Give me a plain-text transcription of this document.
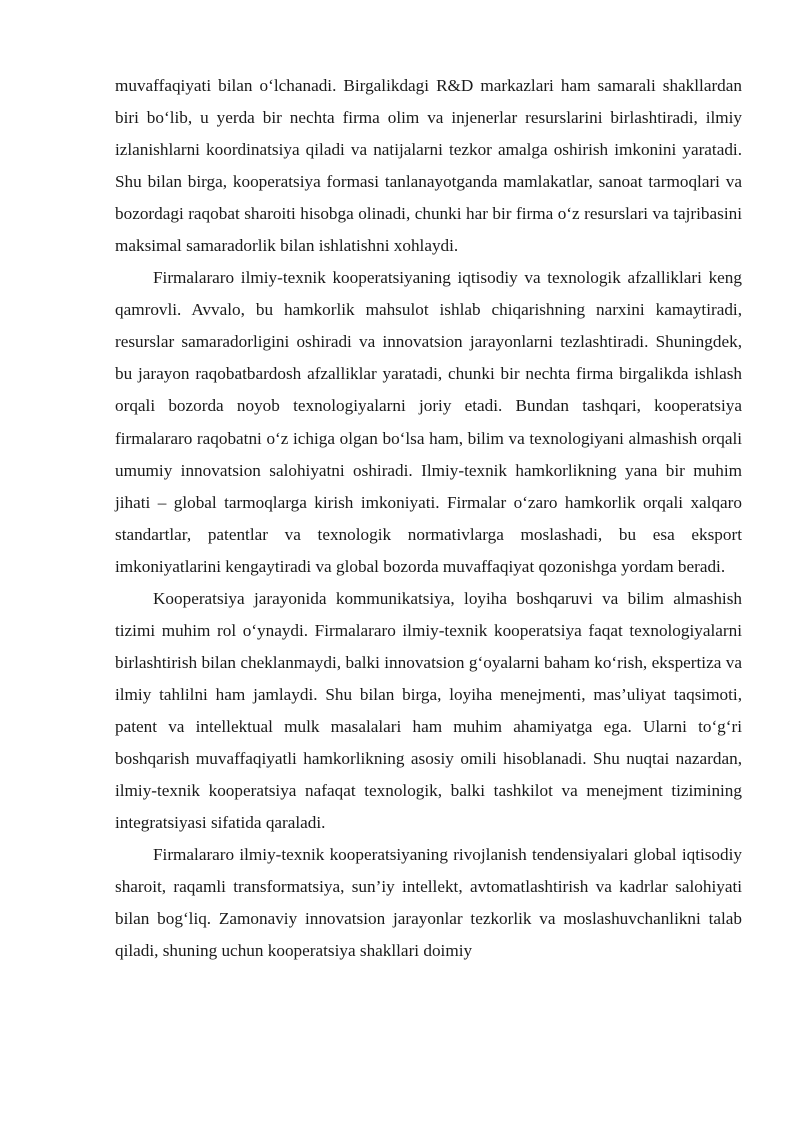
muvaffaqiyati bilan o‘lchanadi. Birgalikdagi R&D markazlari ham samarali shakllardan biri bo‘lib, u yerda bir nechta firma olim va injenerlar resurslarini birlashtiradi, ilmiy izlanishlarni koordinatsiya qiladi va natijalarni tezkor amalga oshirish imkonini yaratadi. Shu bilan birga, kooperatsiya formasi tanlanayotganda mamlakatlar, sanoat tarmoqlari va bozordagi raqobat sharoiti hisobga olinadi, chunki har bir firma o‘z resurslari va tajribasini maksimal samaradorlik bilan ishlatishni xohlaydi.

Firmalararo ilmiy-texnik kooperatsiyaning iqtisodiy va texnologik afzalliklari keng qamrovli. Avvalo, bu hamkorlik mahsulot ishlab chiqarishning narxini kamaytiradi, resurslar samaradorligini oshiradi va innovatsion jarayonlarni tezlashtiradi. Shuningdek, bu jarayon raqobatbardosh afzalliklar yaratadi, chunki bir nechta firma birgalikda ishlash orqali bozorda noyob texnologiyalarni joriy etadi. Bundan tashqari, kooperatsiya firmalararo raqobatni o‘z ichiga olgan bo‘lsa ham, bilim va texnologiyani almashish orqali umumiy innovatsion salohiyatni oshiradi. Ilmiy-texnik hamkorlikning yana bir muhim jihati – global tarmoqlarga kirish imkoniyati. Firmalar o‘zaro hamkorlik orqali xalqaro standartlar, patentlar va texnologik normativlarga moslashadi, bu esa eksport imkoniyatlarini kengaytiradi va global bozorda muvaffaqiyat qozonishga yordam beradi.

Kooperatsiya jarayonida kommunikatsiya, loyiha boshqaruvi va bilim almashish tizimi muhim rol o‘ynaydi. Firmalararo ilmiy-texnik kooperatsiya faqat texnologiyalarni birlashtirish bilan cheklanmaydi, balki innovatsion g‘oyalarni baham ko‘rish, ekspertiza va ilmiy tahlilni ham jamlaydi. Shu bilan birga, loyiha menejmenti, mas’uliyat taqsimoti, patent va intellektual mulk masalalari ham muhim ahamiyatga ega. Ularni to‘g‘ri boshqarish muvaffaqiyatli hamkorlikning asosiy omili hisoblanadi. Shu nuqtai nazardan, ilmiy-texnik kooperatsiya nafaqat texnologik, balki tashkilot va menejment tizimining integratsiyasi sifatida qaraladi.

Firmalararo ilmiy-texnik kooperatsiyaning rivojlanish tendensiyalari global iqtisodiy sharoit, raqamli transformatsiya, sun’iy intellekt, avtomatlashtirish va kadrlar salohiyati bilan bog‘liq. Zamonaviy innovatsion jarayonlar tezkorlik va moslashuvchanlikni talab qiladi, shuning uchun kooperatsiya shakllari doimiy
